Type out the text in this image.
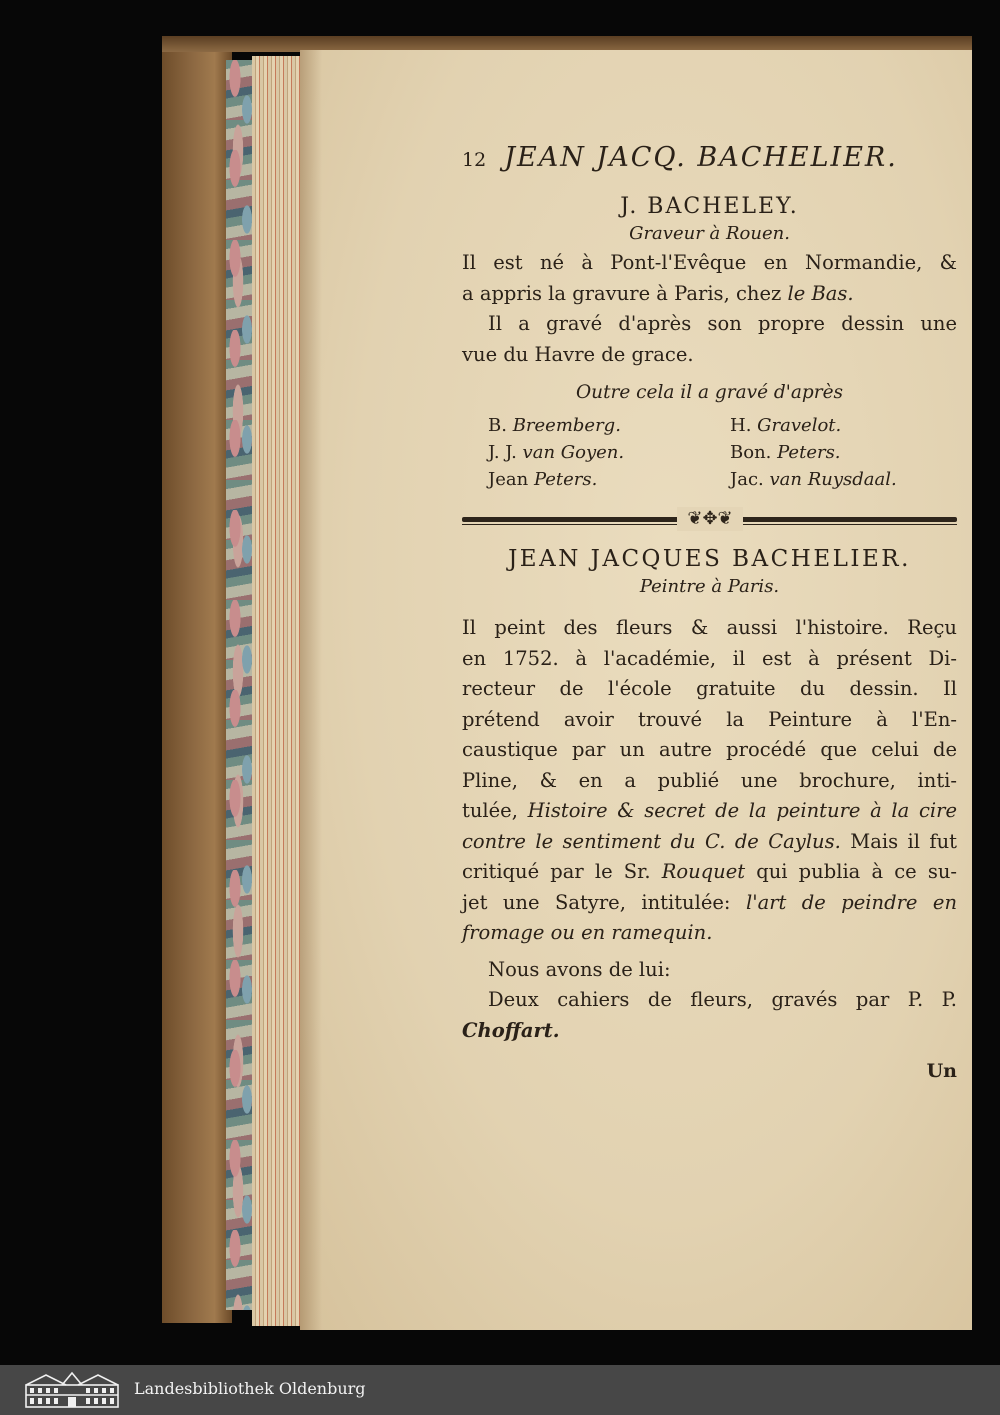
12 JEAN JACQ. BACHELIER.
J. BACHELEY.
Graveur à Rouen.
Il est né à Pont-l'Evêque en Normandie, &
a appris la gravure à Paris, chez le Bas.
Il a gravé d'après son propre dessin une
vue du Havre de grace.
Outre cela il a gravé d'après
B. Breemberg.	H. Gravelot.
J. J. van Goyen.	Bon. Peters.
Jean Peters.	Jac. van Ruysdaal.
❦✥❦
JEAN JACQUES BACHELIER.
Peintre à Paris.
Il peint des fleurs & aussi l'histoire. Reçu
en 1752. à l'académie, il est à présent Di-
recteur de l'école gratuite du dessin. Il
prétend avoir trouvé la Peinture à l'En-
caustique par un autre procédé que celui de
Pline, & en a publié une brochure, inti-
tulée, Histoire & secret de la peinture à la cire
contre le sentiment du C. de Caylus. Mais il fut
critiqué par le Sr. Rouquet qui publia à ce su-
jet une Satyre, intitulée: l'art de peindre en
fromage ou en ramequin.
Nous avons de lui:
Deux cahiers de fleurs, gravés par P. P.
Choffart.
Un
Landesbibliothek Oldenburg
